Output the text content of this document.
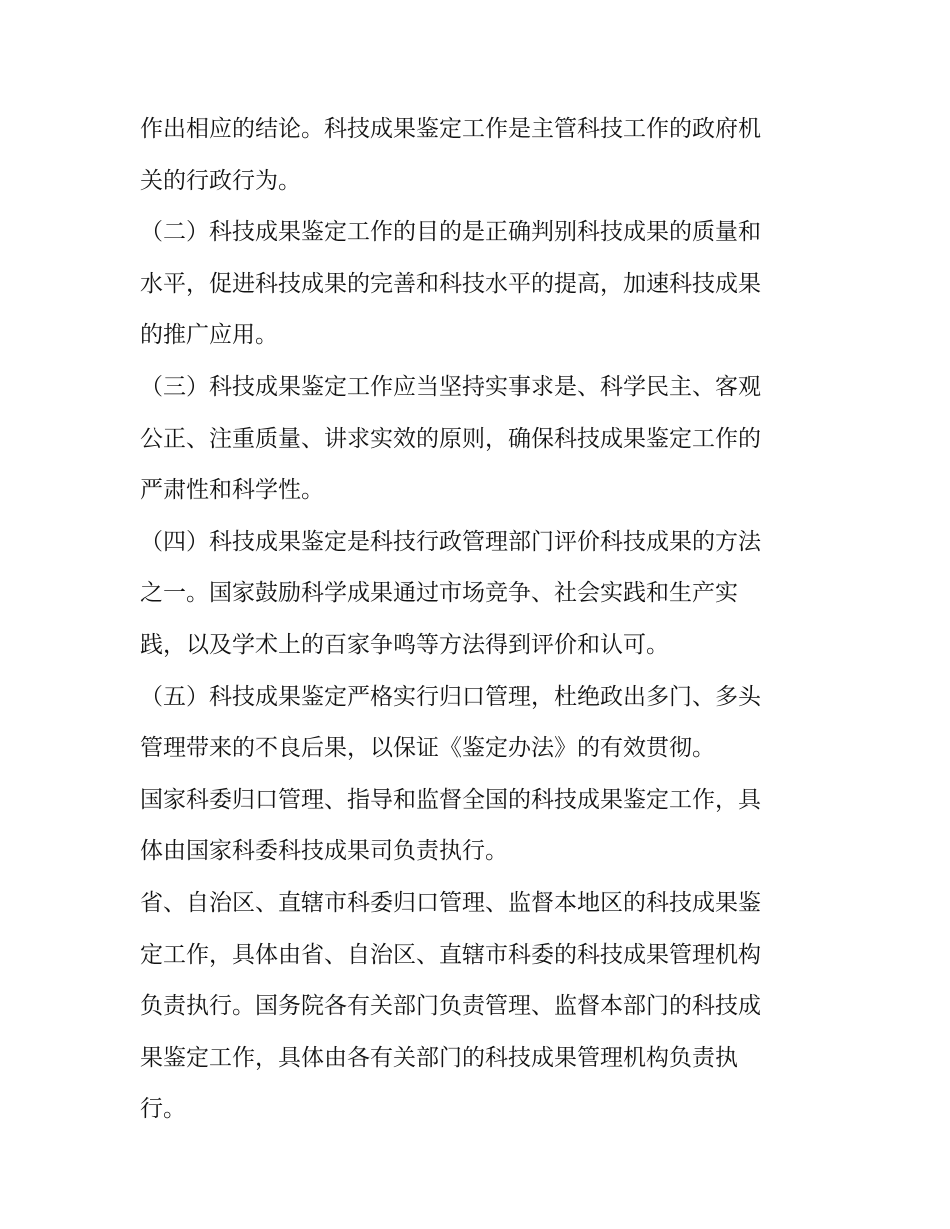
作出相应的结论。科技成果鉴定工作是主管科技工作的政府机
关的行政行为。
（二）科技成果鉴定工作的目的是正确判别科技成果的质量和
水平，促进科技成果的完善和科技水平的提高，加速科技成果
的推广应用。
（三）科技成果鉴定工作应当坚持实事求是、科学民主、客观
公正、注重质量、讲求实效的原则，确保科技成果鉴定工作的
严肃性和科学性。
（四）科技成果鉴定是科技行政管理部门评价科技成果的方法
之一。国家鼓励科学成果通过市场竞争、社会实践和生产实
践，以及学术上的百家争鸣等方法得到评价和认可。
（五）科技成果鉴定严格实行归口管理，杜绝政出多门、多头
管理带来的不良后果，以保证《鉴定办法》的有效贯彻。
国家科委归口管理、指导和监督全国的科技成果鉴定工作，具
体由国家科委科技成果司负责执行。
省、自治区、直辖市科委归口管理、监督本地区的科技成果鉴
定工作，具体由省、自治区、直辖市科委的科技成果管理机构
负责执行。国务院各有关部门负责管理、监督本部门的科技成
果鉴定工作，具体由各有关部门的科技成果管理机构负责执
行。
